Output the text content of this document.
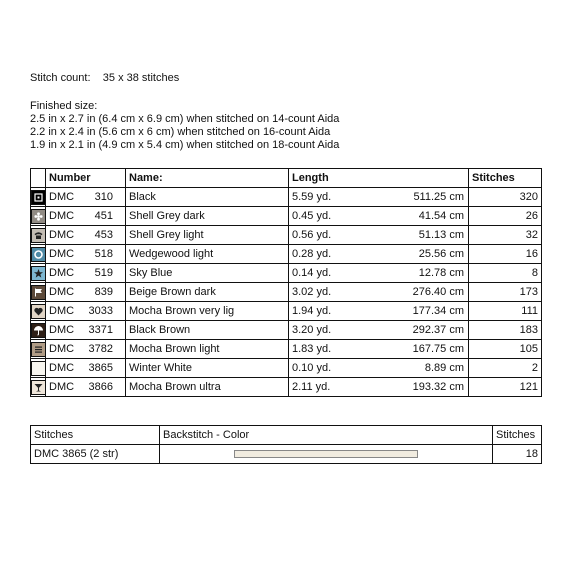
Stitch count: 35 x 38 stitches
Finished size:
2.5 in x 2.7 in (6.4 cm x 6.9 cm) when stitched on 14-count Aida
2.2 in x 2.4 in (5.6 cm x 6 cm) when stitched on 16-count Aida
1.9 in x 2.1 in (4.9 cm x 5.4 cm) when stitched on 18-count Aida
	Number	Name:	Length	Stitches

	DMC 310	Black	5.59 yd. 511.25 cm	320

	DMC 451	Shell Grey dark	0.45 yd. 41.54 cm	26

	DMC 453	Shell Grey light	0.56 yd. 51.13 cm	32

	DMC 518	Wedgewood light	0.28 yd. 25.56 cm	16

	DMC 519	Sky Blue	0.14 yd. 12.78 cm	8

	DMC 839	Beige Brown dark	3.02 yd. 276.40 cm	173

	DMC 3033	Mocha Brown very lig	1.94 yd. 177.34 cm	111

	DMC 3371	Black Brown	3.20 yd. 292.37 cm	183

	DMC 3782	Mocha Brown light	1.83 yd. 167.75 cm	105

	DMC 3865	Winter White	0.10 yd. 8.89 cm	2

	DMC 3866	Mocha Brown ultra	2.11 yd. 193.32 cm	121
Stitches	Backstitch - Color	Stitches
DMC 3865 (2 str)		18
